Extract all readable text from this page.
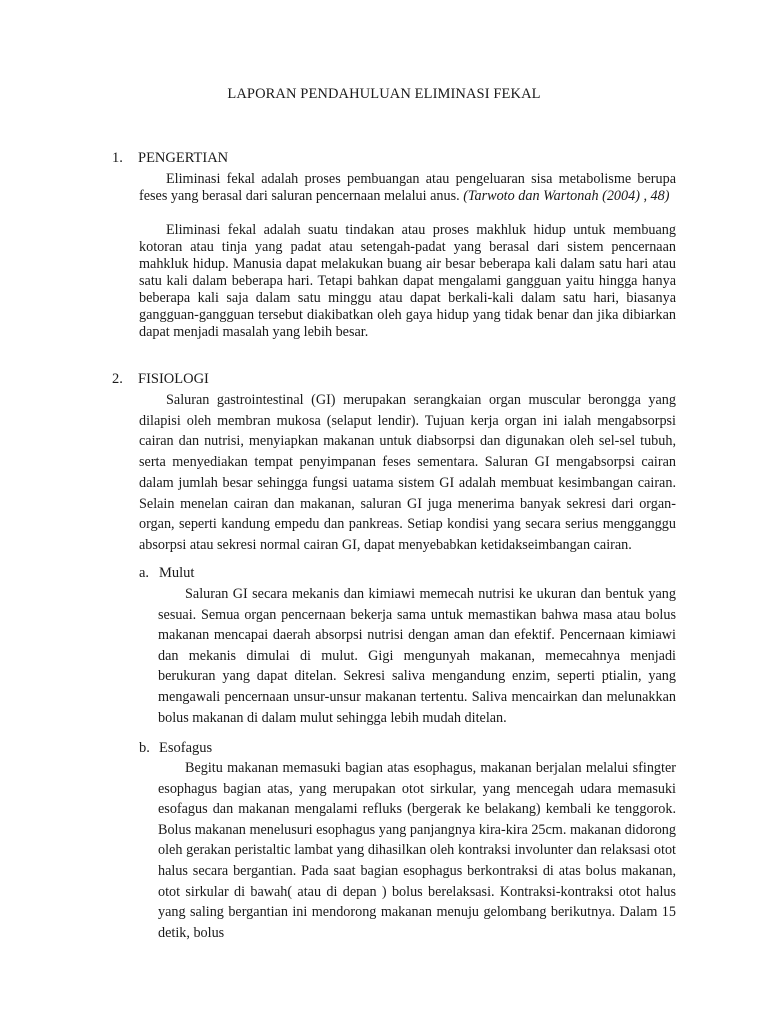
LAPORAN PENDAHULUAN ELIMINASI FEKAL
1. PENGERTIAN

Eliminasi fekal adalah proses pembuangan atau pengeluaran sisa metabolisme berupa feses yang berasal dari saluran pencernaan melalui anus. (Tarwoto dan Wartonah (2004) , 48)

Eliminasi fekal adalah suatu tindakan atau proses makhluk hidup untuk membuang kotoran atau tinja yang padat atau setengah-padat yang berasal dari sistem pencernaan mahkluk hidup. Manusia dapat melakukan buang air besar beberapa kali dalam satu hari atau satu kali dalam beberapa hari. Tetapi bahkan dapat mengalami gangguan yaitu hingga hanya beberapa kali saja dalam satu minggu atau dapat berkali-kali dalam satu hari, biasanya gangguan-gangguan tersebut diakibatkan oleh gaya hidup yang tidak benar dan jika dibiarkan dapat menjadi masalah yang lebih besar.

2. FISIOLOGI

Saluran gastrointestinal (GI) merupakan serangkaian organ muscular berongga yang dilapisi oleh membran mukosa (selaput lendir). Tujuan kerja organ ini ialah mengabsorpsi cairan dan nutrisi, menyiapkan makanan untuk diabsorpsi dan digunakan oleh sel-sel tubuh, serta menyediakan tempat penyimpanan feses sementara. Saluran GI mengabsorpsi cairan dalam jumlah besar sehingga fungsi uatama sistem GI adalah membuat kesimbangan cairan. Selain menelan cairan dan makanan, saluran GI juga menerima banyak sekresi dari organ-organ, seperti kandung empedu dan pankreas. Setiap kondisi yang secara serius mengganggu absorpsi atau sekresi normal cairan GI, dapat menyebabkan ketidakseimbangan cairan.

a. Mulut

Saluran GI secara mekanis dan kimiawi memecah nutrisi ke ukuran dan bentuk yang sesuai. Semua organ pencernaan bekerja sama untuk memastikan bahwa masa atau bolus makanan mencapai daerah absorpsi nutrisi dengan aman dan efektif. Pencernaan kimiawi dan mekanis dimulai di mulut. Gigi mengunyah makanan, memecahnya menjadi berukuran yang dapat ditelan. Sekresi saliva mengandung enzim, seperti ptialin, yang mengawali pencernaan unsur-unsur makanan tertentu. Saliva mencairkan dan melunakkan bolus makanan di dalam mulut sehingga lebih mudah ditelan.

b. Esofagus

Begitu makanan memasuki bagian atas esophagus, makanan berjalan melalui sfingter esophagus bagian atas, yang merupakan otot sirkular, yang mencegah udara memasuki esofagus dan makanan mengalami refluks (bergerak ke belakang) kembali ke tenggorok. Bolus makanan menelusuri esophagus yang panjangnya kira-kira 25cm. makanan didorong oleh gerakan peristaltic lambat yang dihasilkan oleh kontraksi involunter dan relaksasi otot halus secara bergantian. Pada saat bagian esophagus berkontraksi di atas bolus makanan, otot sirkular di bawah( atau di depan ) bolus berelaksasi. Kontraksi-kontraksi otot halus yang saling bergantian ini mendorong makanan menuju gelombang berikutnya. Dalam 15 detik, bolus
